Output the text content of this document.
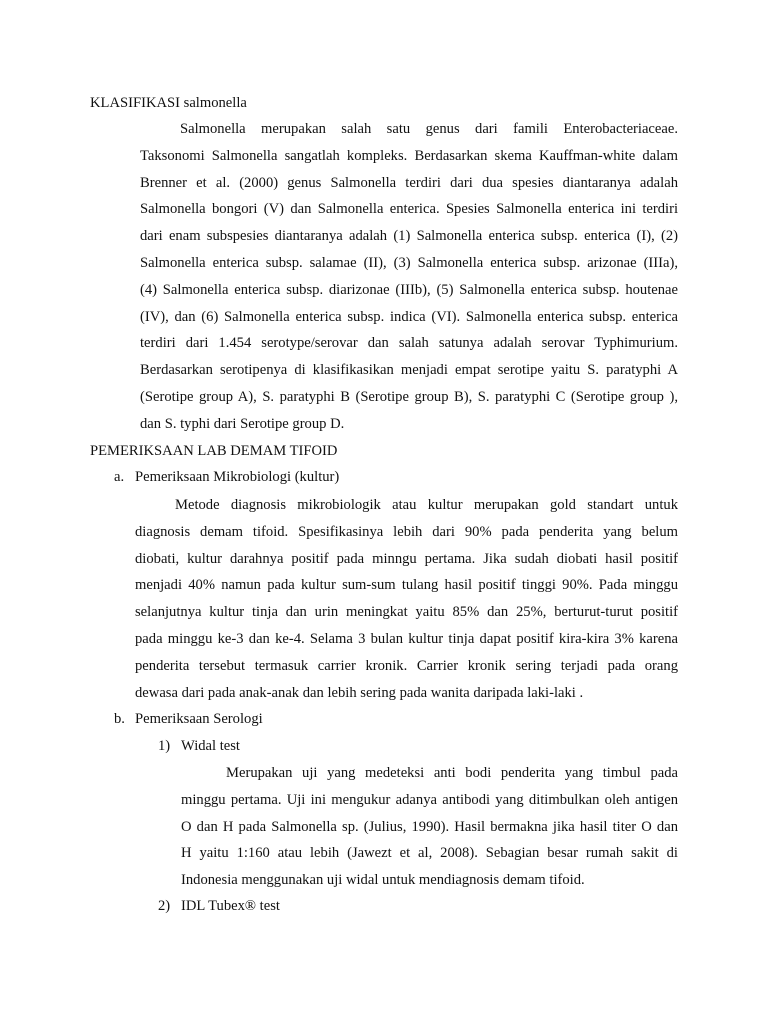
KLASIFIKASI salmonella
Salmonella merupakan salah satu genus dari famili Enterobacteriaceae.
Taksonomi Salmonella sangatlah kompleks. Berdasarkan skema Kauffman-white dalam
Brenner et al. (2000) genus Salmonella terdiri dari dua spesies diantaranya adalah
Salmonella bongori (V) dan Salmonella enterica. Spesies Salmonella enterica ini terdiri
dari enam subspesies diantaranya adalah (1) Salmonella enterica subsp. enterica (I), (2)
Salmonella enterica subsp. salamae (II), (3) Salmonella enterica subsp. arizonae (IIIa),
(4) Salmonella enterica subsp. diarizonae (IIIb), (5) Salmonella enterica subsp. houtenae
(IV), dan (6) Salmonella enterica subsp. indica (VI). Salmonella enterica subsp. enterica
terdiri dari 1.454 serotype/serovar dan salah satunya adalah serovar Typhimurium.
Berdasarkan serotipenya di klasifikasikan menjadi empat serotipe yaitu S. paratyphi A
(Serotipe group A), S. paratyphi B (Serotipe group B), S. paratyphi C (Serotipe group ),
dan S. typhi dari Serotipe group D.
PEMERIKSAAN LAB DEMAM TIFOID
a. Pemeriksaan Mikrobiologi (kultur)
Metode diagnosis mikrobiologik atau kultur merupakan gold standart untuk
diagnosis demam tifoid. Spesifikasinya lebih dari 90% pada penderita yang belum
diobati, kultur darahnya positif pada minngu pertama. Jika sudah diobati hasil positif
menjadi 40% namun pada kultur sum-sum tulang hasil positif tinggi 90%. Pada minggu
selanjutnya kultur tinja dan urin meningkat yaitu 85% dan 25%, berturut-turut positif
pada minggu ke-3 dan ke-4. Selama 3 bulan kultur tinja dapat positif kira-kira 3% karena
penderita tersebut termasuk carrier kronik. Carrier kronik sering terjadi pada orang
dewasa dari pada anak-anak dan lebih sering pada wanita daripada laki-laki .
b. Pemeriksaan Serologi
1) Widal test
Merupakan uji yang medeteksi anti bodi penderita yang timbul pada
minggu pertama. Uji ini mengukur adanya antibodi yang ditimbulkan oleh antigen
O dan H pada Salmonella sp. (Julius, 1990). Hasil bermakna jika hasil titer O dan
H yaitu 1:160 atau lebih (Jawezt et al, 2008). Sebagian besar rumah sakit di
Indonesia menggunakan uji widal untuk mendiagnosis demam tifoid.
2) IDL Tubex® test
